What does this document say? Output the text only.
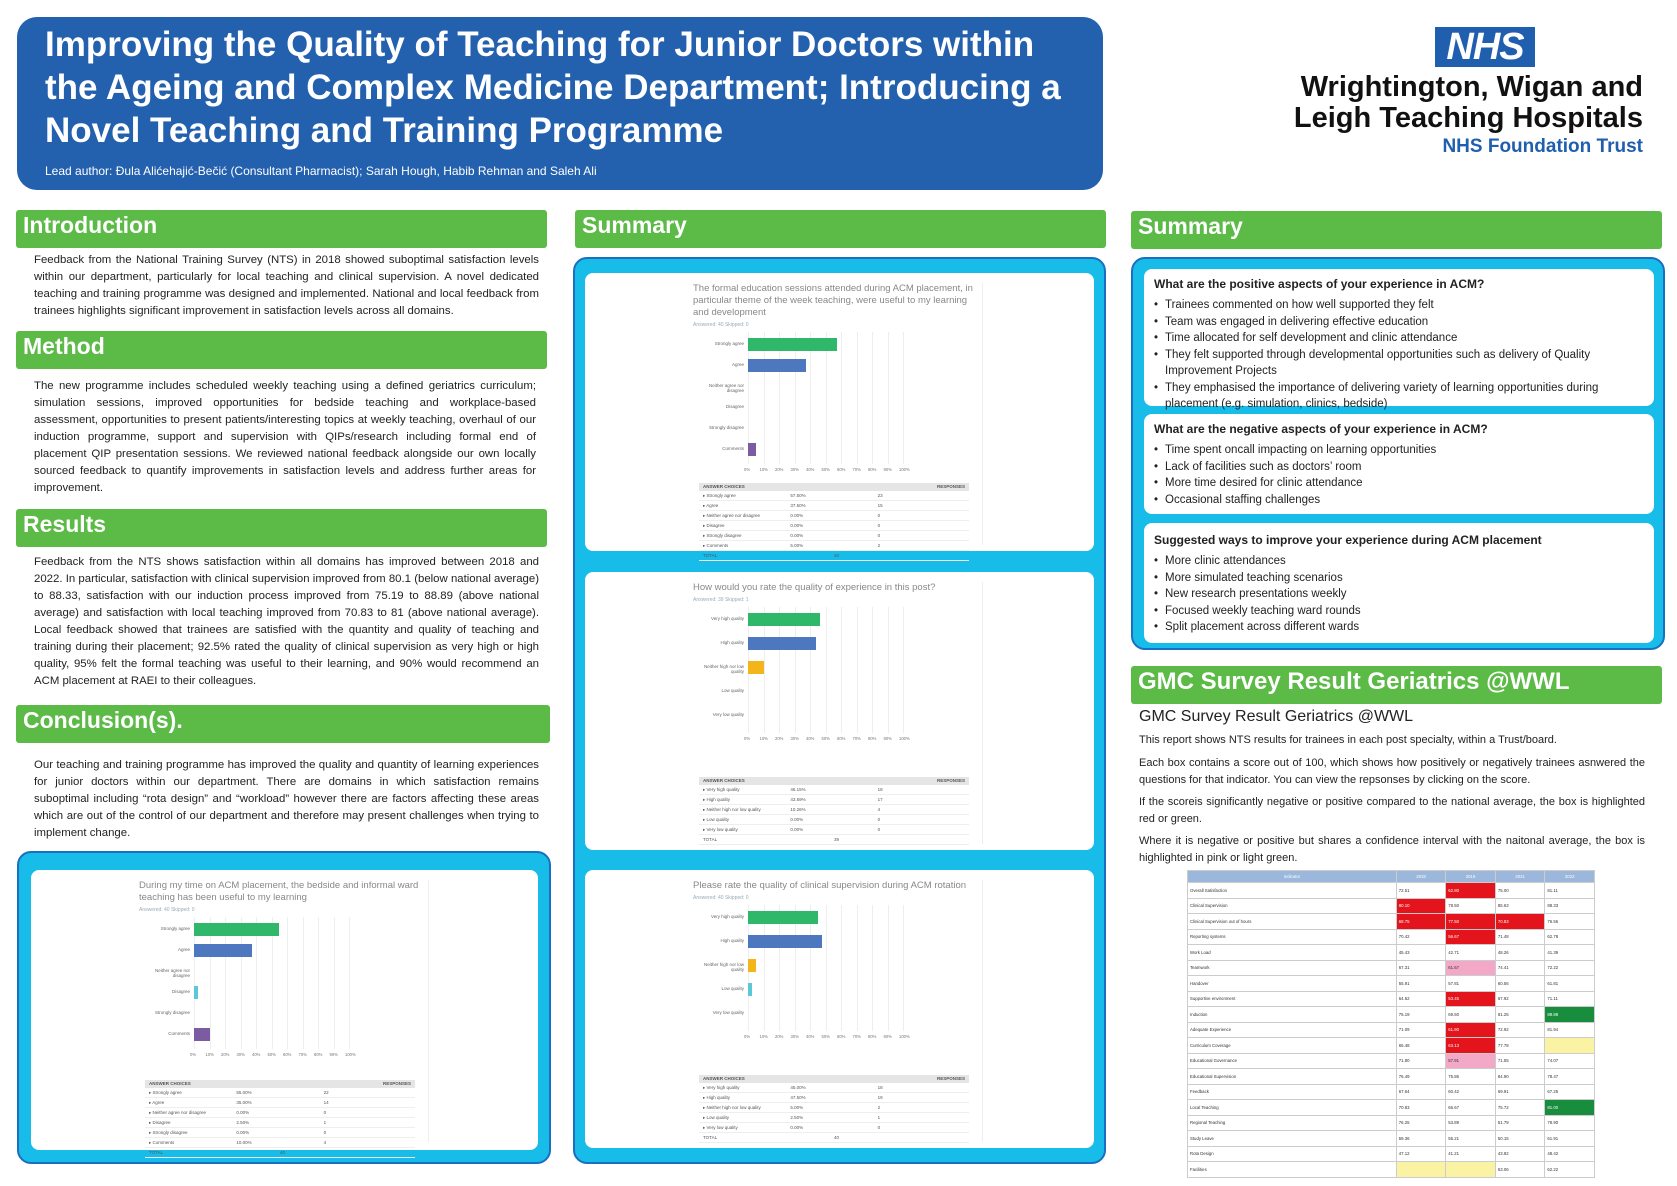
Improving the Quality of Teaching for Junior Doctors within the Ageing and Complex Medicine Department; Introducing a Novel Teaching and Training Programme
Lead author: Đula Alićehajić-Bečić (Consultant Pharmacist); Sarah Hough, Habib Rehman and Saleh Ali
NHS
Wrightington, Wigan and
Leigh Teaching Hospitals
NHS Foundation Trust
Introduction
Feedback from the National Training Survey (NTS) in 2018 showed suboptimal satisfaction levels within our department, particularly for local teaching and clinical supervision. A novel dedicated teaching and training programme was designed and implemented. National and local feedback from trainees highlights significant improvement in satisfaction levels across all domains.
Method
The new programme includes scheduled weekly teaching using a defined geriatrics curriculum; simulation sessions, improved opportunities for bedside teaching and workplace-based assessment, opportunities to present patients/interesting topics at weekly teaching, overhaul of our induction programme, support and supervision with QIPs/research including formal end of placement QIP presentation sessions. We reviewed national feedback alongside our own locally sourced feedback to quantify improvements in satisfaction levels and address further areas for improvement.
Results
Feedback from the NTS shows satisfaction within all domains has improved between 2018 and 2022. In particular, satisfaction with clinical supervision improved from 80.1 (below national average) to 88.33, satisfaction with our induction process improved from 75.19 to 88.89 (above national average) and satisfaction with local teaching improved from 70.83 to 81 (above national average). Local feedback showed that trainees are satisfied with the quantity and quality of teaching and training during their placement; 92.5% rated the quality of clinical supervision as very high or high quality, 95% felt the formal teaching was useful to their learning, and 90% would recommend an ACM placement at RAEI to their colleagues.
Conclusion(s).
Our teaching and training programme has improved the quality and quantity of learning experiences for junior doctors within our department. There are domains in which satisfaction remains suboptimal including “rota design” and “workload” however there are factors affecting these areas which are out of the control of our department and therefore may present challenges when trying to implement change.
During my time on ACM placement, the bedside and informal ward teaching has been useful to my learning
Answered: 40 Skipped: 0
0% 10% 20% 30% 40% 50% 60% 70% 80% 90% 100%
Strongly agree
Agree
Neither agree nor disagree
Disagree
Strongly disagree
Comments
ANSWER CHOICES	RESPONSES
▸ Strongly agree	55.00%	22
▸ Agree	35.00%	14
▸ Neither agree nor disagree	0.00%	0
▸ Disagree	2.50%	1
▸ Strongly disagree	0.00%	0
▸ Comments	10.00%	4
TOTAL	40
Summary
The formal education sessions attended during ACM placement, in particular theme of the week teaching, were useful to my learning and development
Answered: 40 Skipped: 0
0% 10% 20% 30% 40% 50% 60% 70% 80% 90% 100%
Strongly agree
Agree
Neither agree nor disagree
Disagree
Strongly disagree
Comments
ANSWER CHOICES	RESPONSES
▸ Strongly agree	57.50%	23
▸ Agree	37.50%	15
▸ Neither agree nor disagree	0.00%	0
▸ Disagree	0.00%	0
▸ Strongly disagree	0.00%	0
▸ Comments	5.00%	2
TOTAL	40
How would you rate the quality of experience in this post?
Answered: 39 Skipped: 1
0% 10% 20% 30% 40% 50% 60% 70% 80% 90% 100%
Very high quality
High quality
Neither high nor low quality
Low quality
Very low quality
ANSWER CHOICES	RESPONSES
▸ Very high quality	46.15%	18
▸ High quality	43.59%	17
▸ Neither high nor low quality	10.26%	4
▸ Low quality	0.00%	0
▸ Very low quality	0.00%	0
TOTAL	39
Please rate the quality of clinical supervision during ACM rotation
Answered: 40 Skipped: 0
0% 10% 20% 30% 40% 50% 60% 70% 80% 90% 100%
Very high quality
High quality
Neither high nor low quality
Low quality
Very low quality
ANSWER CHOICES	RESPONSES
▸ Very high quality	45.00%	18
▸ High quality	47.50%	19
▸ Neither high nor low quality	5.00%	2
▸ Low quality	2.50%	1
▸ Very low quality	0.00%	0
TOTAL	40
Summary
What are the positive aspects of your experience in ACM?
• Trainees commented on how well supported they felt
• Team was engaged in delivering effective education
• Time allocated for self development and clinic attendance
• They felt supported through developmental opportunities such as delivery of Quality Improvement Projects
• They emphasised the importance of delivering variety of learning opportunities during placement (e.g. simulation, clinics, bedside)
What are the negative aspects of your experience in ACM?
• Time spent oncall impacting on learning opportunities
• Lack of facilities such as doctors’ room
• More time desired for clinic attendance
• Occasional staffing challenges
Suggested ways to improve your experience during ACM placement
• More clinic attendances
• More simulated teaching scenarios
• New research presentations weekly
• Focused weekly teaching ward rounds
• Split placement across different wards
GMC Survey Result Geriatrics @WWL
GMC Survey Result Geriatrics @WWL
This report shows NTS results for trainees in each post specialty, within a Trust/board.
Each box contains a score out of 100, which shows how positively or negatively trainees asnwered the questions for that indicator. You can view the repsonses by clicking on the score.
If the scoreis significantly negative or positive compared to the national average, the box is highlighted red or green.
Where it is negative or positive but shares a confidence interval with the naitonal average, the box is highlighted in pink or light green.
Indicator	2018	2019	2021	2022
Overall Satisfaction	72.51	62.80	75.00	81.11
Clinical Supervision	80.10	78.50	85.63	88.33
Clinical Supervision out of hours	68.75	77.50	70.83	76.56
Reporting systems	70.42	56.67	71.48	62.78
Work Load	45.43	42.71	48.26	41.39
Teamwork	67.31	61.67	74.41	72.22
Handover	55.91	57.81	60.56	61.81
Supportive environment	64.62	53.45	67.92	71.11
Induction	75.19	69.50	81.25	88.89
Adequate Experience	71.09	61.90	72.92	81.94
Curriculum Coverage	65.48	63.13	77.78	
Educational Governance	71.80	57.91	71.55	74.07
Educational Supervision	76.49	75.86	84.90	78.47
Feedback	67.64	60.42	69.91	67.25
Local Teaching	70.83	66.67	75.72	81.00
Regional Teaching	76.25	53.89	51.79	78.90
Study Leave	59.36	55.21	50.15	61.91
Rota Design	47.12	41.21	43.82	48.42
Facilities			63.06	62.22
